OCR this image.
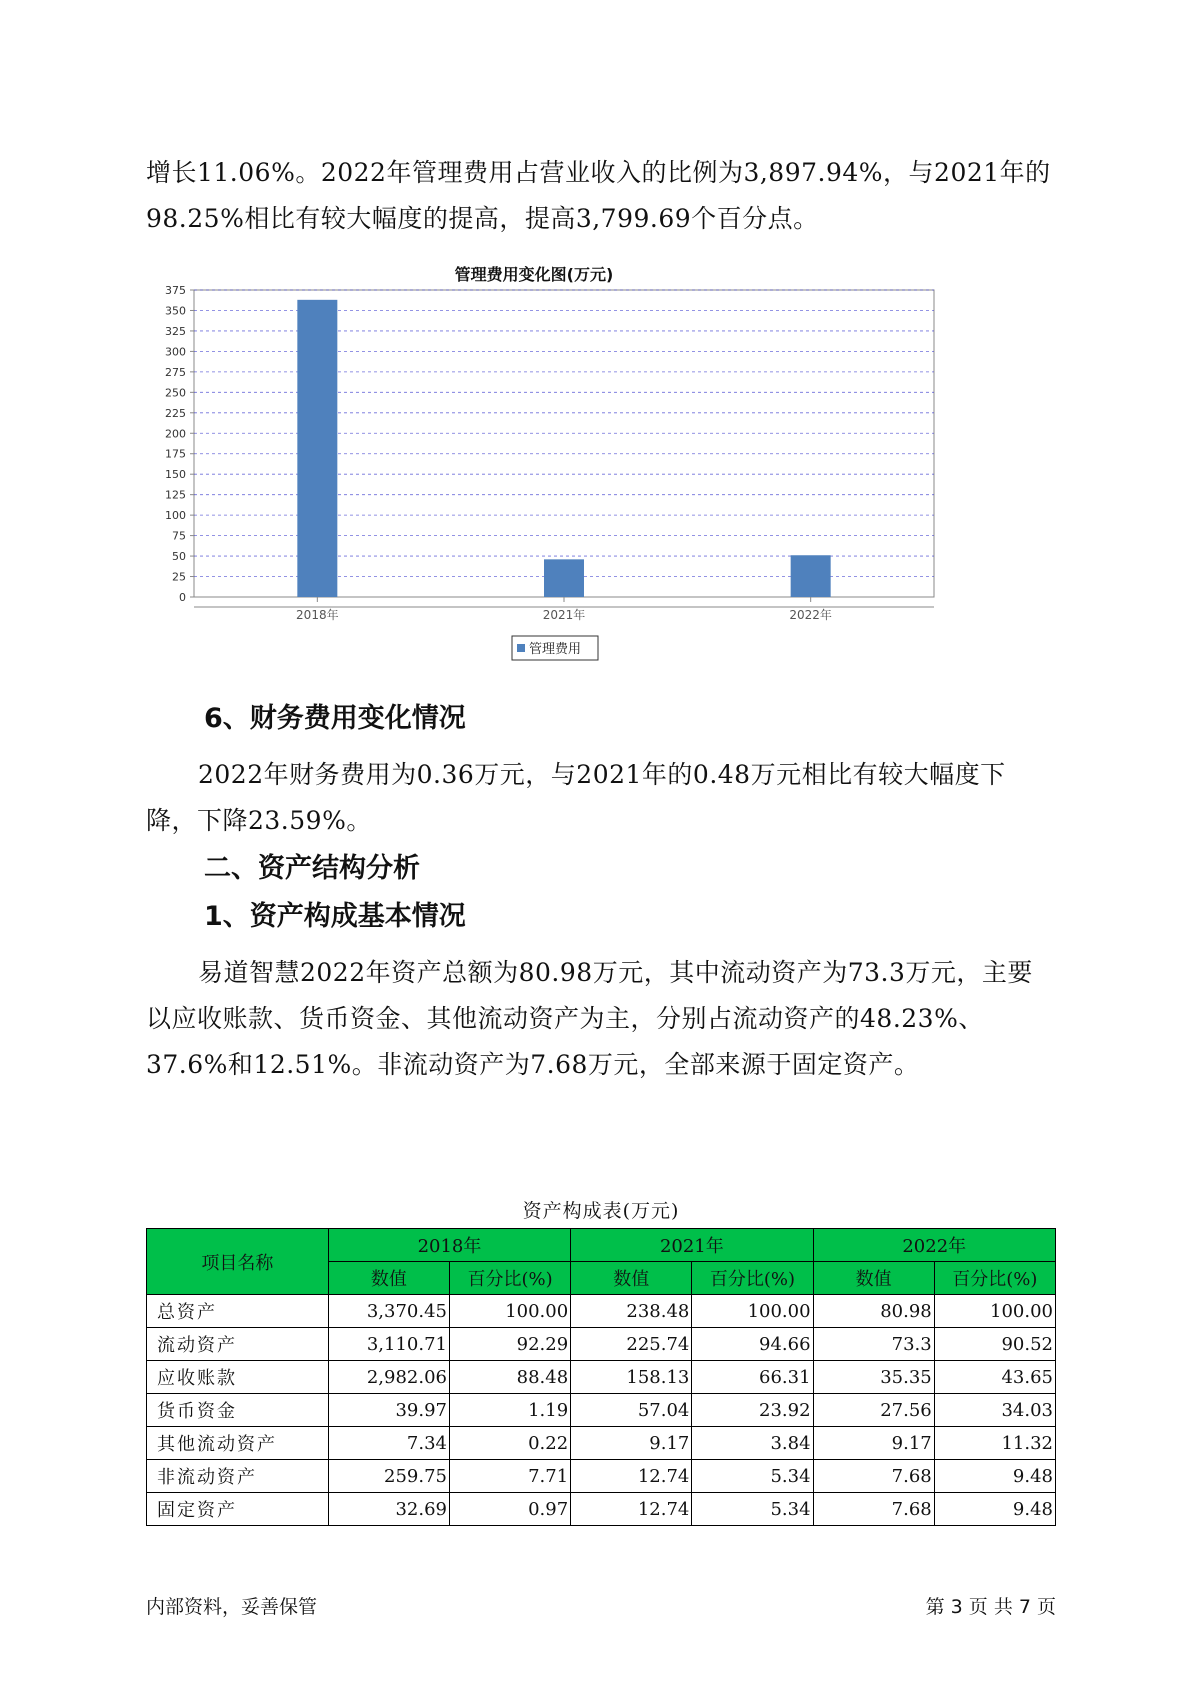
增长11.06%。2022年管理费用占营业收入的比例为3,897.94%，与2021年的98.25%相比有较大幅度的提高，提高3,799.69个百分点。

管理费用变化图(万元)
0
25
50
75
100
125
150
175
200
225
250
275
300
325
350
375
2018年	2021年	2022年
管理费用
6、财务费用变化情况

2022年财务费用为0.36万元，与2021年的0.48万元相比有较大幅度下降，下降23.59%。

二、资产结构分析
1、资产构成基本情况

易道智慧2022年资产总额为80.98万元，其中流动资产为73.3万元，主要以应收账款、货币资金、其他流动资产为主，分别占流动资产的48.23%、37.6%和12.51%。非流动资产为7.68万元，全部来源于固定资产。

资产构成表(万元)
项目名称	2018年		2021年		2022年	
	数值	百分比(%)	数值	百分比(%)	数值	百分比(%)
总资产	3,370.45	100.00	238.48	100.00	80.98	100.00
流动资产	3,110.71	92.29	225.74	94.66	73.3	90.52
应收账款	2,982.06	88.48	158.13	66.31	35.35	43.65
货币资金	39.97	1.19	57.04	23.92	27.56	34.03
其他流动资产	7.34	0.22	9.17	3.84	9.17	11.32
非流动资产	259.75	7.71	12.74	5.34	7.68	9.48
固定资产	32.69	0.97	12.74	5.34	7.68	9.48
内部资料，妥善保管	第 3 页 共 7 页
